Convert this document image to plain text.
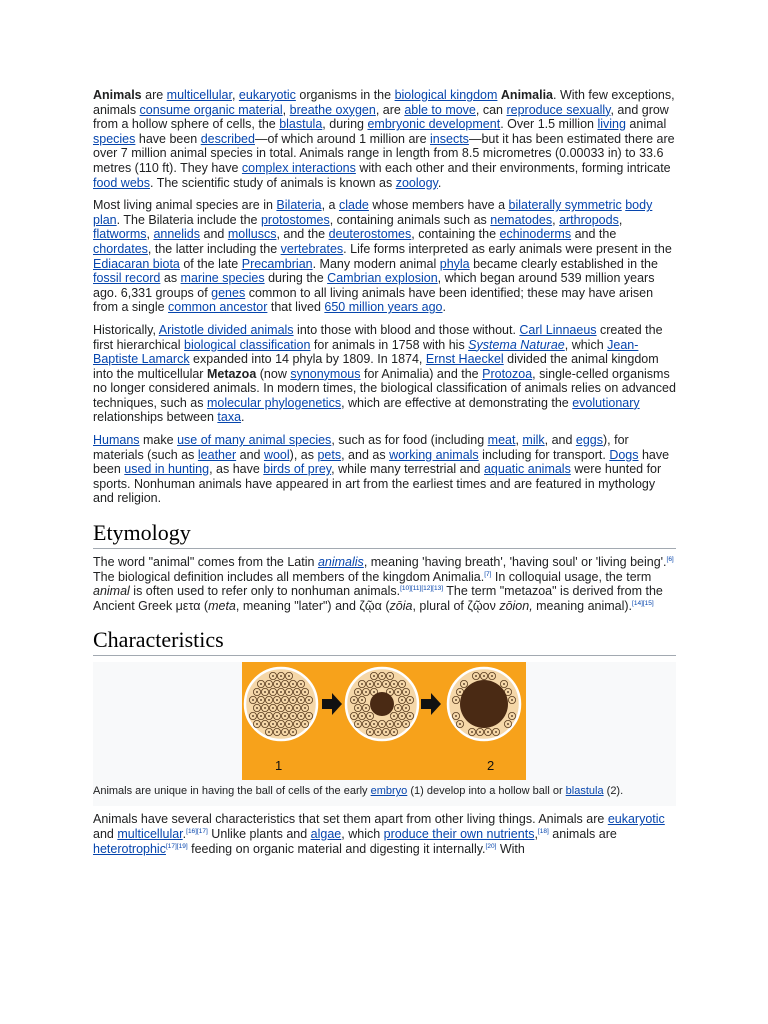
Animals are multicellular, eukaryotic organisms in the biological kingdom Animalia. With few exceptions, animals consume organic material, breathe oxygen, are able to move, can reproduce sexually, and grow from a hollow sphere of cells, the blastula, during embryonic development. Over 1.5 million living animal species have been described—of which around 1 million are insects—but it has been estimated there are over 7 million animal species in total. Animals range in length from 8.5 micrometres (0.00033 in) to 33.6 metres (110 ft). They have complex interactions with each other and their environments, forming intricate food webs. The scientific study of animals is known as zoology.

Most living animal species are in Bilateria, a clade whose members have a bilaterally symmetric body plan. The Bilateria include the protostomes, containing animals such as nematodes, arthropods, flatworms, annelids and molluscs, and the deuterostomes, containing the echinoderms and the chordates, the latter including the vertebrates. Life forms interpreted as early animals were present in the Ediacaran biota of the late Precambrian. Many modern animal phyla became clearly established in the fossil record as marine species during the Cambrian explosion, which began around 539 million years ago. 6,331 groups of genes common to all living animals have been identified; these may have arisen from a single common ancestor that lived 650 million years ago.

Historically, Aristotle divided animals into those with blood and those without. Carl Linnaeus created the first hierarchical biological classification for animals in 1758 with his Systema Naturae, which Jean-Baptiste Lamarck expanded into 14 phyla by 1809. In 1874, Ernst Haeckel divided the animal kingdom into the multicellular Metazoa (now synonymous for Animalia) and the Protozoa, single-celled organisms no longer considered animals. In modern times, the biological classification of animals relies on advanced techniques, such as molecular phylogenetics, which are effective at demonstrating the evolutionary relationships between taxa.

Humans make use of many animal species, such as for food (including meat, milk, and eggs), for materials (such as leather and wool), as pets, and as working animals including for transport. Dogs have been used in hunting, as have birds of prey, while many terrestrial and aquatic animals were hunted for sports. Nonhuman animals have appeared in art from the earliest times and are featured in mythology and religion.

Etymology

The word "animal" comes from the Latin animalis, meaning 'having breath', 'having soul' or 'living being'.[6] The biological definition includes all members of the kingdom Animalia.[7] In colloquial usage, the term animal is often used to refer only to nonhuman animals.[10][11][12][13] The term "metazoa" is derived from the Ancient Greek μετα (meta, meaning "later") and ζῷα (zōia, plural of ζῷον zōion, meaning animal).[14][15]

Characteristics
1	2
Animals are unique in having the ball of cells of the early embryo (1) develop into a hollow ball or blastula (2).

Animals have several characteristics that set them apart from other living things. Animals are eukaryotic and multicellular.[16][17] Unlike plants and algae, which produce their own nutrients,[18] animals are heterotrophic[17][19] feeding on organic material and digesting it internally.[20] With
